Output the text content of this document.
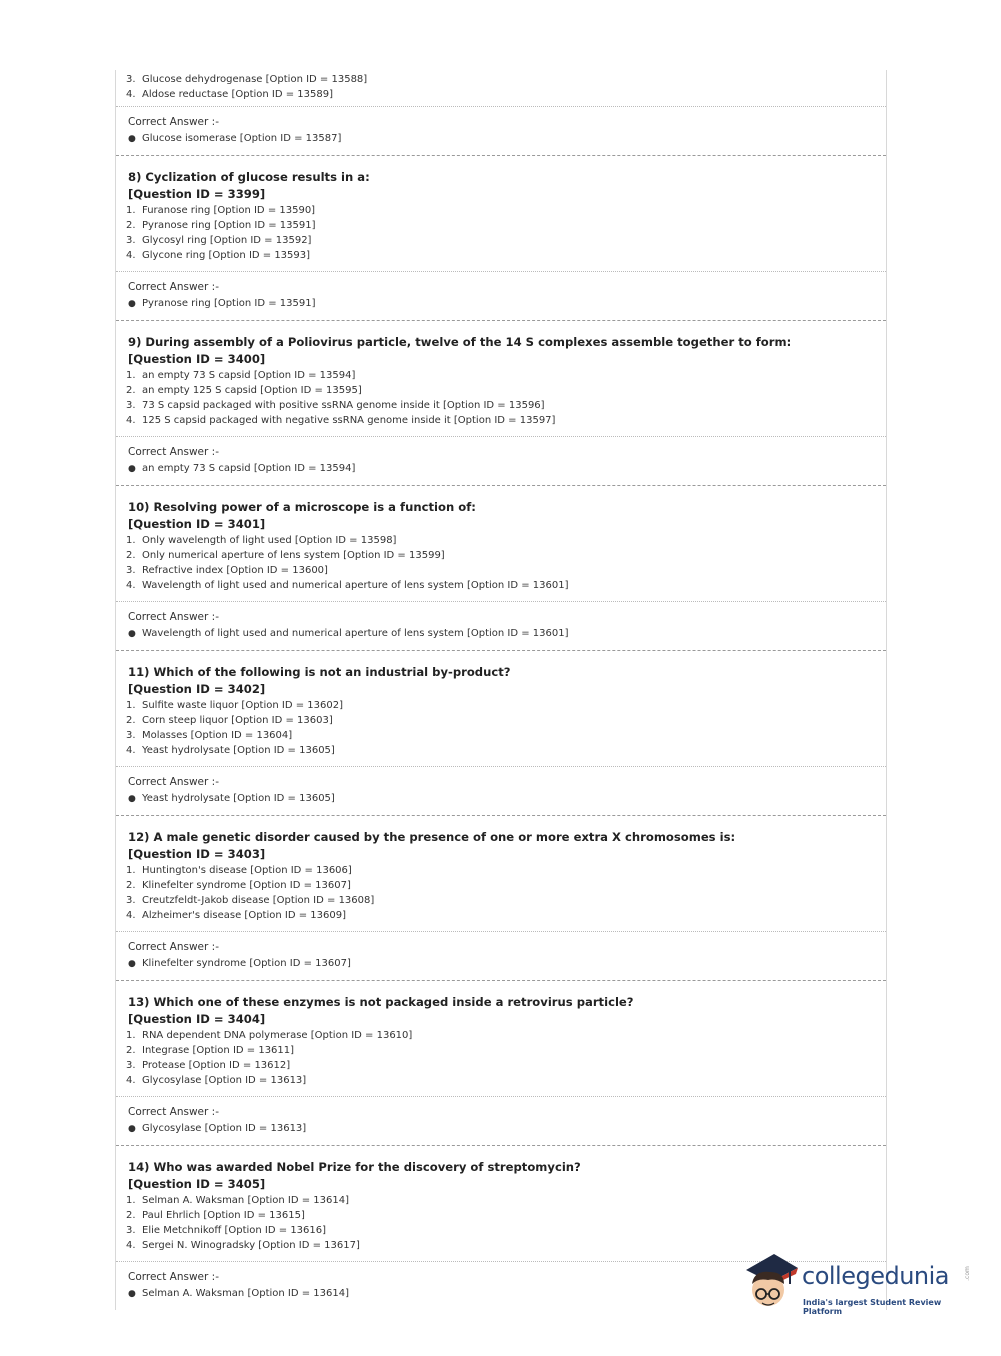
3. Glucose dehydrogenase [Option ID = 13588]
4. Aldose reductase [Option ID = 13589]
Correct Answer :-
● Glucose isomerase [Option ID = 13587]
8) Cyclization of glucose results in a:
[Question ID = 3399]
1. Furanose ring [Option ID = 13590]
2. Pyranose ring [Option ID = 13591]
3. Glycosyl ring [Option ID = 13592]
4. Glycone ring [Option ID = 13593]
Correct Answer :-
● Pyranose ring [Option ID = 13591]
9) During assembly of a Poliovirus particle, twelve of the 14 S complexes assemble together to form:
[Question ID = 3400]
1. an empty 73 S capsid [Option ID = 13594]
2. an empty 125 S capsid [Option ID = 13595]
3. 73 S capsid packaged with positive ssRNA genome inside it [Option ID = 13596]
4. 125 S capsid packaged with negative ssRNA genome inside it [Option ID = 13597]
Correct Answer :-
● an empty 73 S capsid [Option ID = 13594]
10) Resolving power of a microscope is a function of:
[Question ID = 3401]
1. Only wavelength of light used [Option ID = 13598]
2. Only numerical aperture of lens system [Option ID = 13599]
3. Refractive index [Option ID = 13600]
4. Wavelength of light used and numerical aperture of lens system [Option ID = 13601]
Correct Answer :-
● Wavelength of light used and numerical aperture of lens system [Option ID = 13601]
11) Which of the following is not an industrial by-product?
[Question ID = 3402]
1. Sulfite waste liquor [Option ID = 13602]
2. Corn steep liquor [Option ID = 13603]
3. Molasses [Option ID = 13604]
4. Yeast hydrolysate [Option ID = 13605]
Correct Answer :-
● Yeast hydrolysate [Option ID = 13605]
12) A male genetic disorder caused by the presence of one or more extra X chromosomes is:
[Question ID = 3403]
1. Huntington's disease [Option ID = 13606]
2. Klinefelter syndrome [Option ID = 13607]
3. Creutzfeldt-Jakob disease [Option ID = 13608]
4. Alzheimer's disease [Option ID = 13609]
Correct Answer :-
● Klinefelter syndrome [Option ID = 13607]
13) Which one of these enzymes is not packaged inside a retrovirus particle?
[Question ID = 3404]
1. RNA dependent DNA polymerase [Option ID = 13610]
2. Integrase [Option ID = 13611]
3. Protease [Option ID = 13612]
4. Glycosylase [Option ID = 13613]
Correct Answer :-
● Glycosylase [Option ID = 13613]
14) Who was awarded Nobel Prize for the discovery of streptomycin?
[Question ID = 3405]
1. Selman A. Waksman [Option ID = 13614]
2. Paul Ehrlich [Option ID = 13615]
3. Elie Metchnikoff [Option ID = 13616]
4. Sergei N. Winogradsky [Option ID = 13617]
Correct Answer :-
● Selman A. Waksman [Option ID = 13614]
collegedunia .com
India's largest Student Review Platform
